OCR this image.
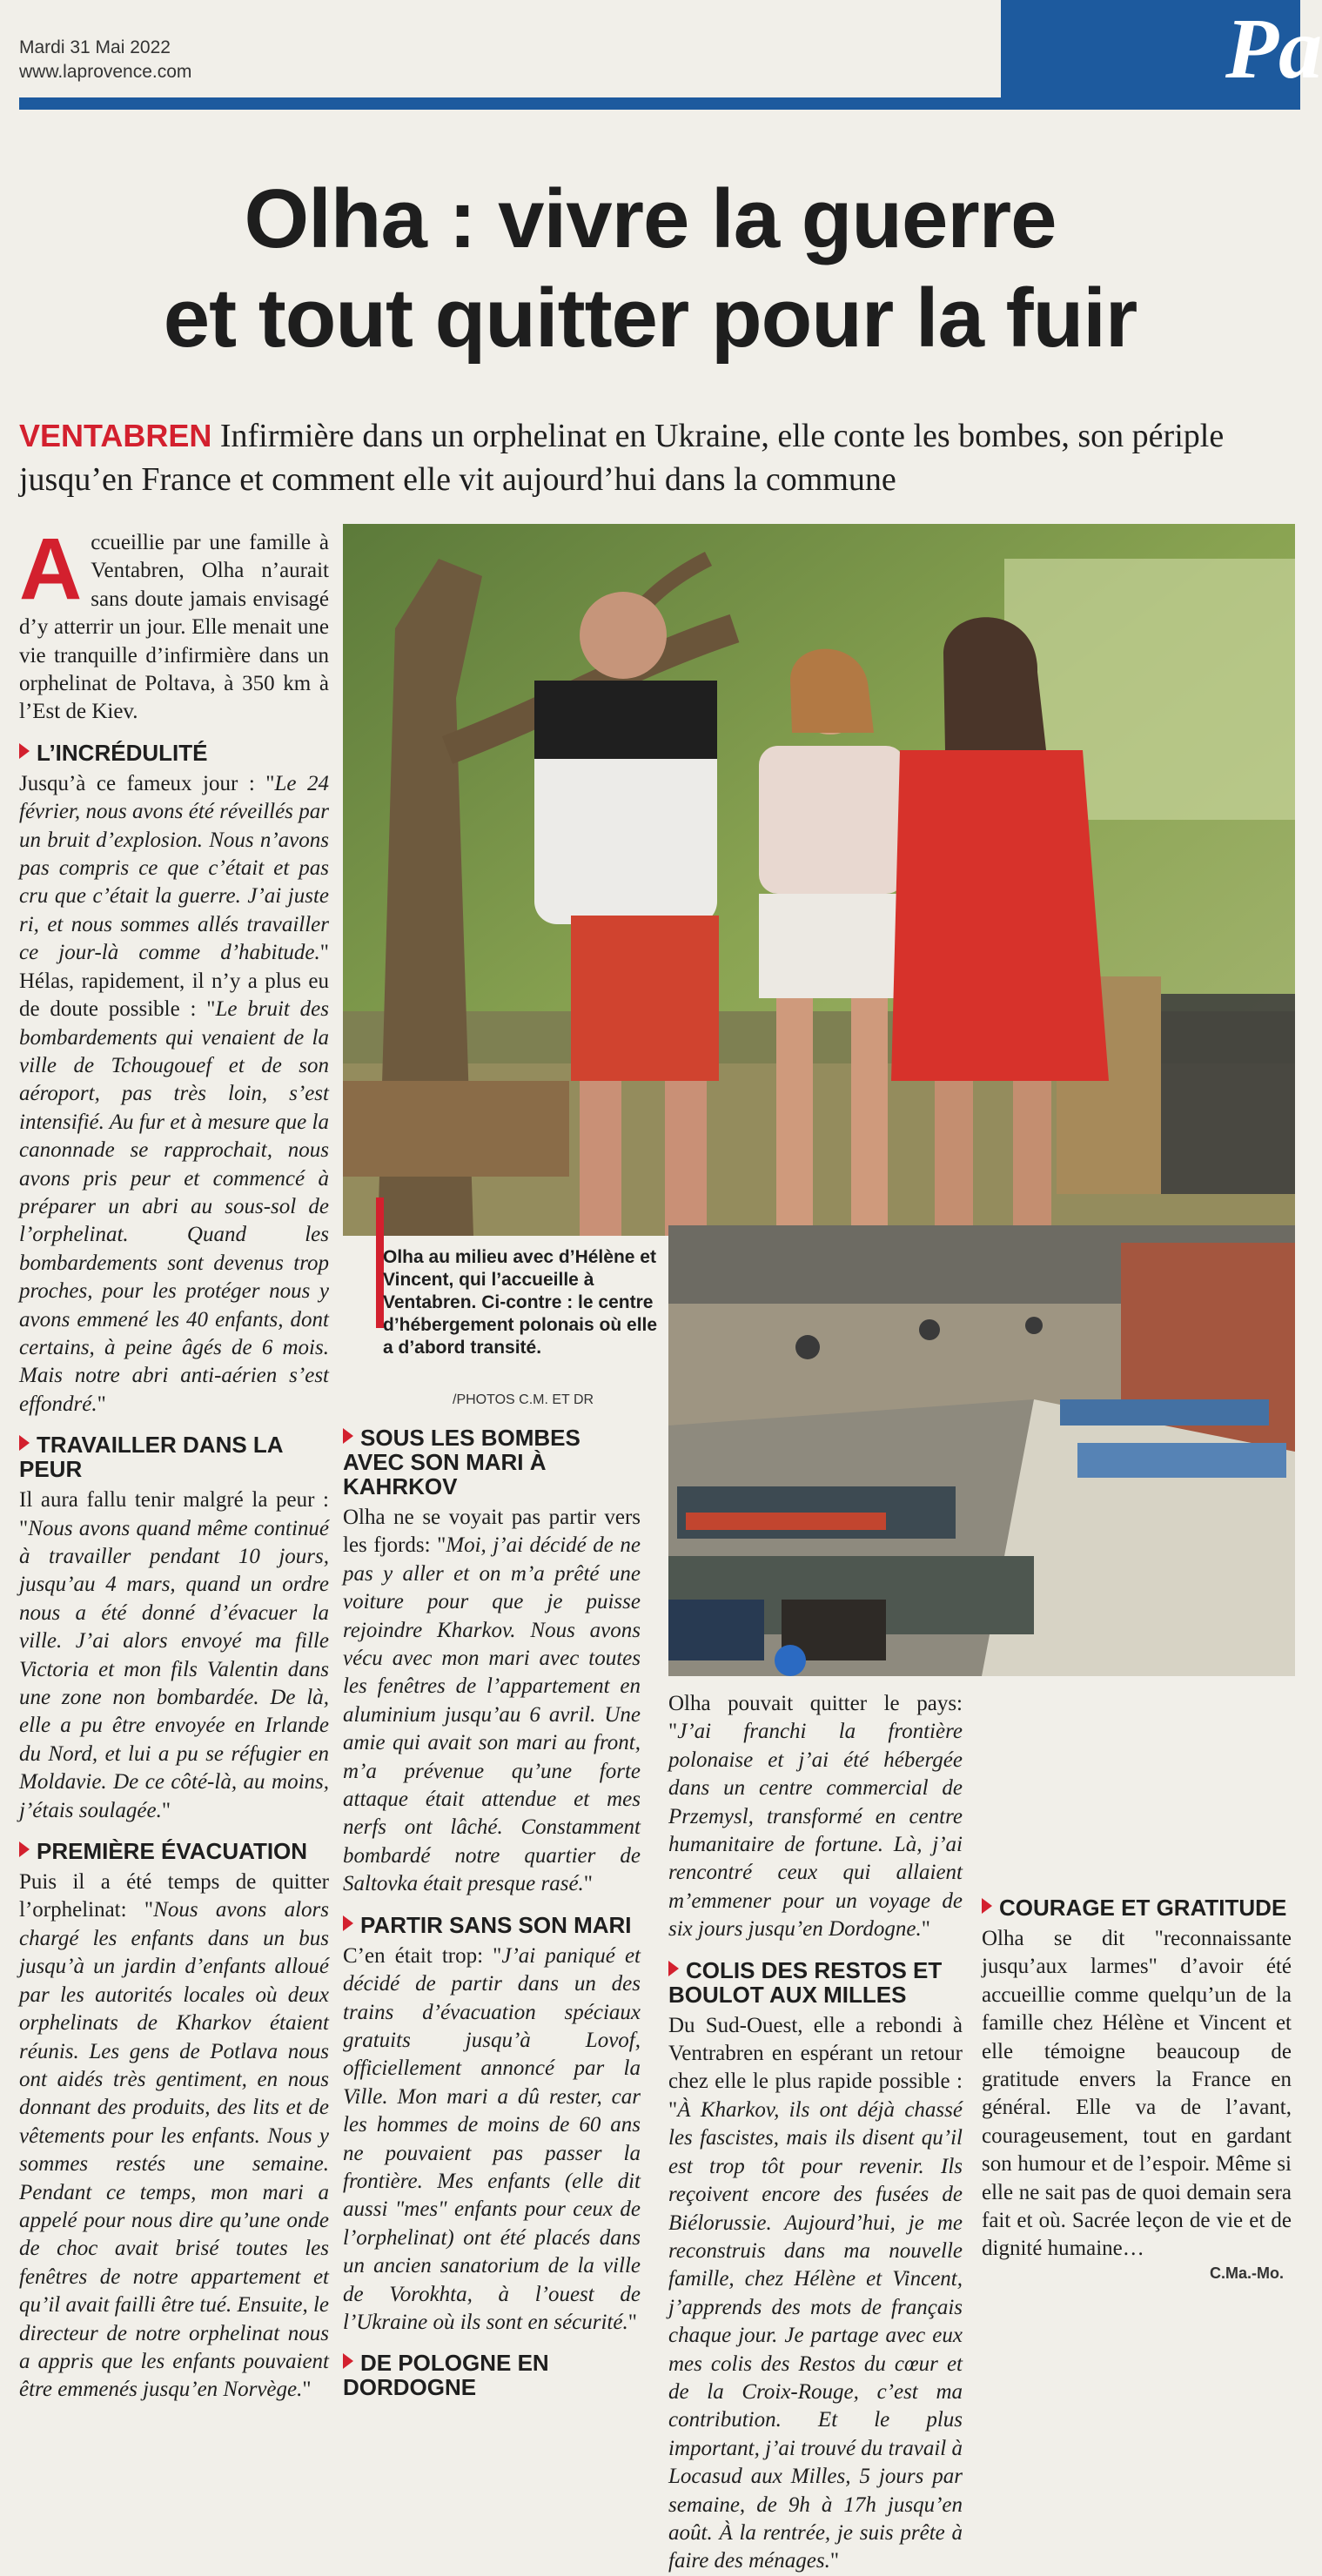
Mardi 31 Mai 2022
www.laprovence.com	Pa
Olha : vivre la guerre
et tout quitter pour la fuir
VENTABREN Infirmière dans un orphelinat en Ukraine, elle conte les bombes, son périple jusqu’en France et comment elle vit aujourd’hui dans la commune
Olha au milieu avec d’Hélène et Vincent, qui l’accueille à Ventabren. Ci-contre : le centre d’hébergement polonais où elle a d’abord transité.
/PHOTOS C.M. ET DR

Accueillie par une famille à Ventabren, Olha n’aurait sans doute jamais envisagé d’y atterrir un jour. Elle menait une vie tranquille d’infirmière dans un orphelinat de Poltava, à 350 km à l’Est de Kiev.

L’INCRÉDULITÉ

Jusqu’à ce fameux jour : "Le 24 février, nous avons été réveillés par un bruit d’explosion. Nous n’avons pas compris ce que c’était et pas cru que c’était la guerre. J’ai juste ri, et nous sommes allés travailler ce jour-là comme d’habitude." Hélas, rapidement, il n’y a plus eu de doute possible : "Le bruit des bombardements qui venaient de la ville de Tchougouef et de son aéroport, pas très loin, s’est intensifié. Au fur et à mesure que la canonnade se rapprochait, nous avons pris peur et commencé à préparer un abri au sous-sol de l’orphelinat. Quand les bombardements sont devenus trop proches, pour les protéger nous y avons emmené les 40 enfants, dont certains, à peine âgés de 6 mois. Mais notre abri anti-aérien s’est effondré."

TRAVAILLER DANS LA PEUR

Il aura fallu tenir malgré la peur : "Nous avons quand même continué à travailler pendant 10 jours, jusqu’au 4 mars, quand un ordre nous a été donné d’évacuer la ville. J’ai alors envoyé ma fille Victoria et mon fils Valentin dans une zone non bombardée. De là, elle a pu être envoyée en Irlande du Nord, et lui a pu se réfugier en Moldavie. De ce côté-là, au moins, j’étais soulagée."

PREMIÈRE ÉVACUATION

Puis il a été temps de quitter l’orphelinat: "Nous avons alors chargé les enfants dans un bus jusqu’à un jardin d’enfants alloué par les autorités locales où deux orphelinats de Kharkov étaient réunis. Les gens de Potlava nous ont aidés très gentiment, en nous donnant des produits, des lits et de vêtements pour les enfants. Nous y sommes restés une semaine. Pendant ce temps, mon mari a appelé pour nous dire qu’une onde de choc avait brisé toutes les fenêtres de notre appartement et qu’il avait failli être tué. Ensuite, le directeur de notre orphelinat nous a appris que les enfants pouvaient être emmenés jusqu’en Norvège."

SOUS LES BOMBES AVEC SON MARI À KAHRKOV

Olha ne se voyait pas partir vers les fjords: "Moi, j’ai décidé de ne pas y aller et on m’a prêté une voiture pour que je puisse rejoindre Kharkov. Nous avons vécu avec mon mari avec toutes les fenêtres de l’appartement en aluminium jusqu’au 6 avril. Une amie qui avait son mari au front, m’a prévenue qu’une forte attaque était attendue et mes nerfs ont lâché. Constamment bombardé notre quartier de Saltovka était presque rasé."

PARTIR SANS SON MARI

C’en était trop: "J’ai paniqué et décidé de partir dans un des trains d’évacuation spéciaux gratuits jusqu’à Lovof, officiellement annoncé par la Ville. Mon mari a dû rester, car les hommes de moins de 60 ans ne pouvaient pas passer la frontière. Mes enfants (elle dit aussi "mes" enfants pour ceux de l’orphelinat) ont été placés dans un ancien sanatorium de la ville de Vorokhta, à l’ouest de l’Ukraine où ils sont en sécurité."

DE POLOGNE EN DORDOGNE

Olha pouvait quitter le pays: "J’ai franchi la frontière polonaise et j’ai été hébergée dans un centre commercial de Przemysl, transformé en centre humanitaire de fortune. Là, j’ai rencontré ceux qui allaient m’emmener pour un voyage de six jours jusqu’en Dordogne."

COLIS DES RESTOS ET BOULOT AUX MILLES

Du Sud-Ouest, elle a rebondi à Ventrabren en espérant un retour chez elle le plus rapide possible : "À Kharkov, ils ont déjà chassé les fascistes, mais ils disent qu’il est trop tôt pour revenir. Ils reçoivent encore des fusées de Biélorussie. Aujourd’hui, je me reconstruis dans ma nouvelle famille, chez Hélène et Vincent, j’apprends des mots de français chaque jour. Je partage avec eux mes colis des Restos du cœur et de la Croix-Rouge, c’est ma contribution. Et le plus important, j’ai trouvé du travail à Locasud aux Milles, 5 jours par semaine, de 9h à 17h jusqu’en août. À la rentrée, je suis prête à faire des ménages."

COURAGE ET GRATITUDE

Olha se dit "reconnaissante jusqu’aux larmes" d’avoir été accueillie comme quelqu’un de la famille chez Hélène et Vincent et elle témoigne beaucoup de gratitude envers la France en général. Elle va de l’avant, courageusement, tout en gardant son humour et de l’espoir. Même si elle ne sait pas de quoi demain sera fait et où. Sacrée leçon de vie et de dignité humaine…

C.Ma.-Mo.
